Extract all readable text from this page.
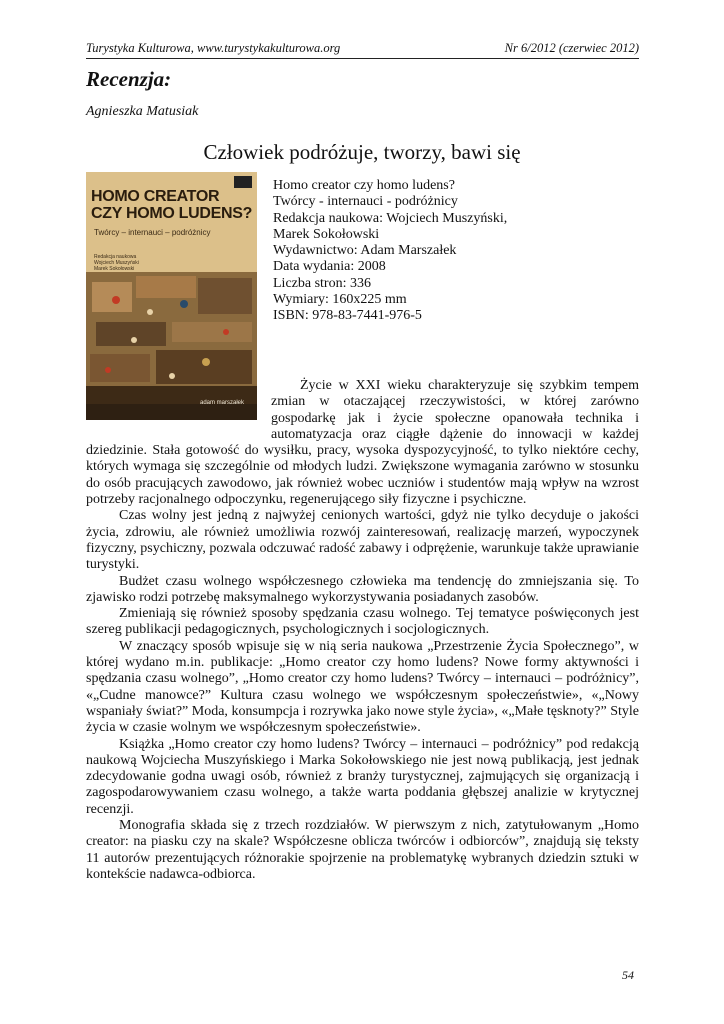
Turystyka Kulturowa, www.turystykakulturowa.org	Nr 6/2012 (czerwiec 2012)
Recenzja:
Agnieszka Matusiak
Człowiek podróżuje, tworzy, bawi się
HOMO CREATOR CZY HOMO LUDENS?
Twórcy – internauci – podróżnicy
Redakcja naukowa Wojciech Muszyński Marek Sokołowski
adam marszałek
Homo creator czy homo ludens?
Twórcy - internauci - podróżnicy
Redakcja naukowa: Wojciech Muszyński,
Marek Sokołowski
Wydawnictwo: Adam Marszałek
Data wydania: 2008
Liczba stron: 336
Wymiary: 160x225 mm
ISBN: 978-83-7441-976-5

Życie w XXI wieku charakteryzuje się szybkim tempem zmian w otaczającej rzeczywistości, w której zarówno gospodarkę jak i życie społeczne opanowała technika i automatyzacja oraz ciągłe dążenie do innowacji w każdej dziedzinie. Stała gotowość do wysiłku, pracy, wysoka dyspozycyjność, to tylko niektóre cechy, których wymaga się szczególnie od młodych ludzi. Zwiększone wymagania zarówno w stosunku do osób pracujących zawodowo, jak również wobec uczniów i studentów mają wpływ na wzrost potrzeby racjonalnego odpoczynku, regenerującego siły fizyczne i psychiczne.

Czas wolny jest jedną z najwyżej cenionych wartości, gdyż nie tylko decyduje o jakości życia, zdrowiu, ale również umożliwia rozwój zainteresowań, realizację marzeń, wypoczynek fizyczny, psychiczny, pozwala odczuwać radość zabawy i odprężenie, warunkuje także uprawianie turystyki.

Budżet czasu wolnego współczesnego człowieka ma tendencję do zmniejszania się. To zjawisko rodzi potrzebę maksymalnego wykorzystywania posiadanych zasobów.

Zmieniają się również sposoby spędzania czasu wolnego. Tej tematyce poświęconych jest szereg publikacji pedagogicznych, psychologicznych i socjologicznych.

W znaczący sposób wpisuje się w nią seria naukowa „Przestrzenie Życia Społecznego”, w której wydano m.in. publikacje: „Homo creator czy homo ludens? Nowe formy aktywności i spędzania czasu wolnego”, „Homo creator czy homo ludens? Twórcy – internauci – podróżnicy”, «„Cudne manowce?” Kultura czasu wolnego we współczesnym społeczeństwie», «„Nowy wspaniały świat?” Moda, konsumpcja i rozrywka jako nowe style życia», «„Małe tęsknoty?” Style życia w czasie wolnym we współczesnym społeczeństwie».

Książka „Homo creator czy homo ludens? Twórcy – internauci – podróżnicy” pod redakcją naukową Wojciecha Muszyńskiego i Marka Sokołowskiego nie jest nową publikacją, jest jednak zdecydowanie godna uwagi osób, również z branży turystycznej, zajmujących się organizacją i zagospodarowywaniem czasu wolnego, a także warta poddania głębszej analizie w krytycznej recenzji.

Monografia składa się z trzech rozdziałów. W pierwszym z nich, zatytułowanym „Homo creator: na piasku czy na skale? Współczesne oblicza twórców i odbiorców”, znajdują się teksty 11 autorów prezentujących różnorakie spojrzenie na problematykę wybranych dziedzin sztuki w kontekście nadawca-odbiorca.

54
